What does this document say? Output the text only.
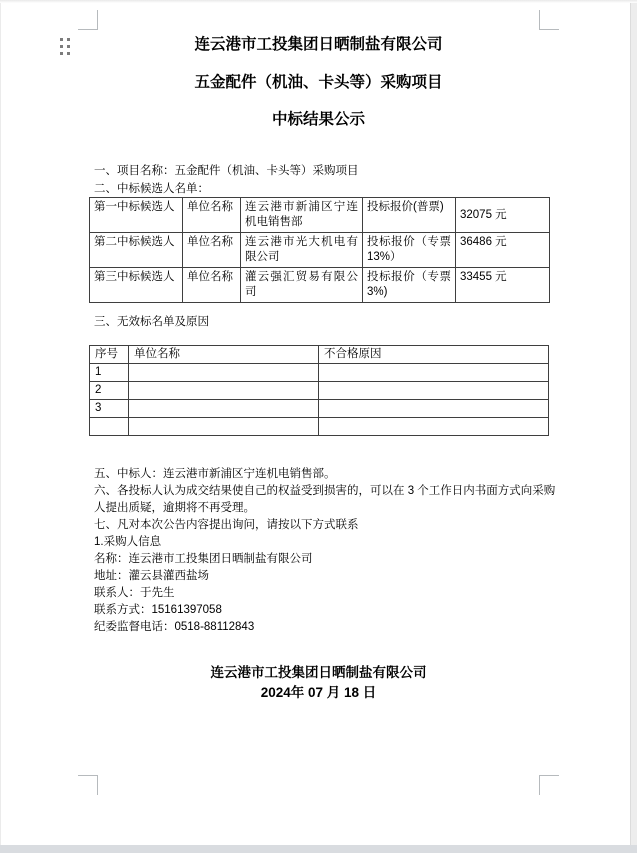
连云港市工投集团日晒制盐有限公司
五金配件（机油、卡头等）采购项目
中标结果公示
一、项目名称：五金配件（机油、卡头等）采购项目
二、中标候选人名单：
第一中标候选人	单位名称	连云港市新浦区宁连机电销售部	投标报价(普票)	32075 元
第二中标候选人	单位名称	连云港市光大机电有限公司	投标报价（专票13%）	36486 元
第三中标候选人	单位名称	灌云强汇贸易有限公司	投标报价（专票3%)	33455 元
三、无效标名单及原因
序号	单位名称	不合格原因
1		
2		
3		

五、中标人：连云港市新浦区宁连机电销售部。
六、各投标人认为成交结果使自己的权益受到损害的，可以在 3 个工作日内书面方式向采购
人提出质疑，逾期将不再受理。
七、凡对本次公告内容提出询问，请按以下方式联系
1.采购人信息
名称：连云港市工投集团日晒制盐有限公司
地址：灌云县灌西盐场
联系人：于先生
联系方式：15161397058
纪委监督电话：0518-88112843
连云港市工投集团日晒制盐有限公司
2024年 07 月 18 日
